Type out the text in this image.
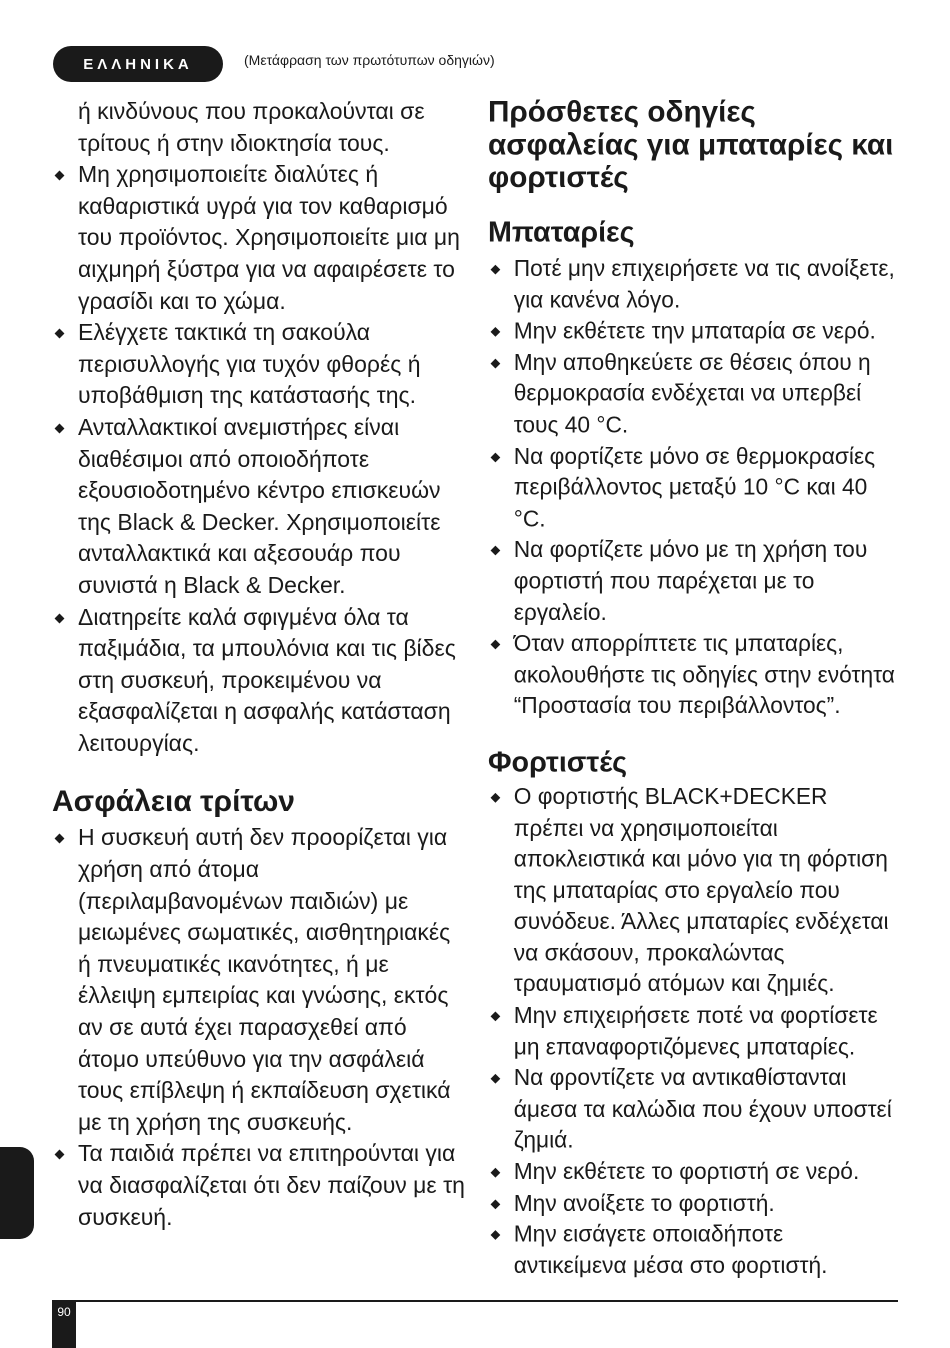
ΕΛΛΗΝΙΚΑ	(Μετάφραση των πρωτότυπων οδηγιών)

ή κινδύνους που προκαλούνται σε τρίτους ή στην ιδιοκτησία τους.

Μη χρησιμοποιείτε διαλύτες ή καθαριστικά υγρά για τον καθαρισμό του προϊόντος. Χρησιμοποιείτε μια μη αιχμηρή ξύστρα για να αφαιρέσετε το γρασίδι και το χώμα.
Ελέγχετε τακτικά τη σακούλα περισυλλογής για τυχόν φθορές ή υποβάθμιση της κατάστασής της.
Ανταλλακτικοί ανεμιστήρες είναι διαθέσιμοι από οποιοδήποτε εξουσιοδοτημένο κέντρο επισκευών της Black & Decker. Χρησιμοποιείτε ανταλλακτικά και αξεσουάρ που συνιστά η Black & Decker.
Διατηρείτε καλά σφιγμένα όλα τα παξιμάδια, τα μπουλόνια και τις βίδες στη συσκευή, προκειμένου να εξασφαλίζεται η ασφαλής κατάσταση λειτουργίας.
Ασφάλεια τρίτων
Η συσκευή αυτή δεν προορίζεται για χρήση από άτομα (περιλαμβανομένων παιδιών) με μειωμένες σωματικές, αισθητηριακές ή πνευματικές ικανότητες, ή με έλλειψη εμπειρίας και γνώσης, εκτός αν σε αυτά έχει παρασχεθεί από άτομο υπεύθυνο για την ασφάλειά τους επίβλεψη ή εκπαίδευση σχετικά με τη χρήση της συσκευής.
Τα παιδιά πρέπει να επιτηρούνται για να διασφαλίζεται ότι δεν παίζουν με τη συσκευή.
Πρόσθετες οδηγίες ασφαλείας για μπαταρίες και φορτιστές
Μπαταρίες
Ποτέ μην επιχειρήσετε να τις ανοίξετε, για κανένα λόγο.
Μην εκθέτετε την μπαταρία σε νερό.
Μην αποθηκεύετε σε θέσεις όπου η θερμοκρασία ενδέχεται να υπερβεί τους 40 °C.
Να φορτίζετε μόνο σε θερμοκρασίες περιβάλλοντος μεταξύ 10 °C και 40 °C.
Να φορτίζετε μόνο με τη χρήση του φορτιστή που παρέχεται με το εργαλείο.
Όταν απορρίπτετε τις μπαταρίες, ακολουθήστε τις οδηγίες στην ενότητα “Προστασία του περιβάλλοντος”.
Φορτιστές
Ο φορτιστής BLACK+DECKER πρέπει να χρησιμοποιείται αποκλειστικά και μόνο για τη φόρτιση της μπαταρίας στο εργαλείο που συνόδευε. Άλλες μπαταρίες ενδέχεται να σκάσουν, προκαλώντας τραυματισμό ατόμων και ζημιές.
Μην επιχειρήσετε ποτέ να φορτίσετε μη επαναφορτιζόμενες μπαταρίες.
Να φροντίζετε να αντικαθίστανται άμεσα τα καλώδια που έχουν υποστεί ζημιά.
Μην εκθέτετε το φορτιστή σε νερό.
Μην ανοίξετε το φορτιστή.
Μην εισάγετε οποιαδήποτε αντικείμενα μέσα στο φορτιστή.
90
